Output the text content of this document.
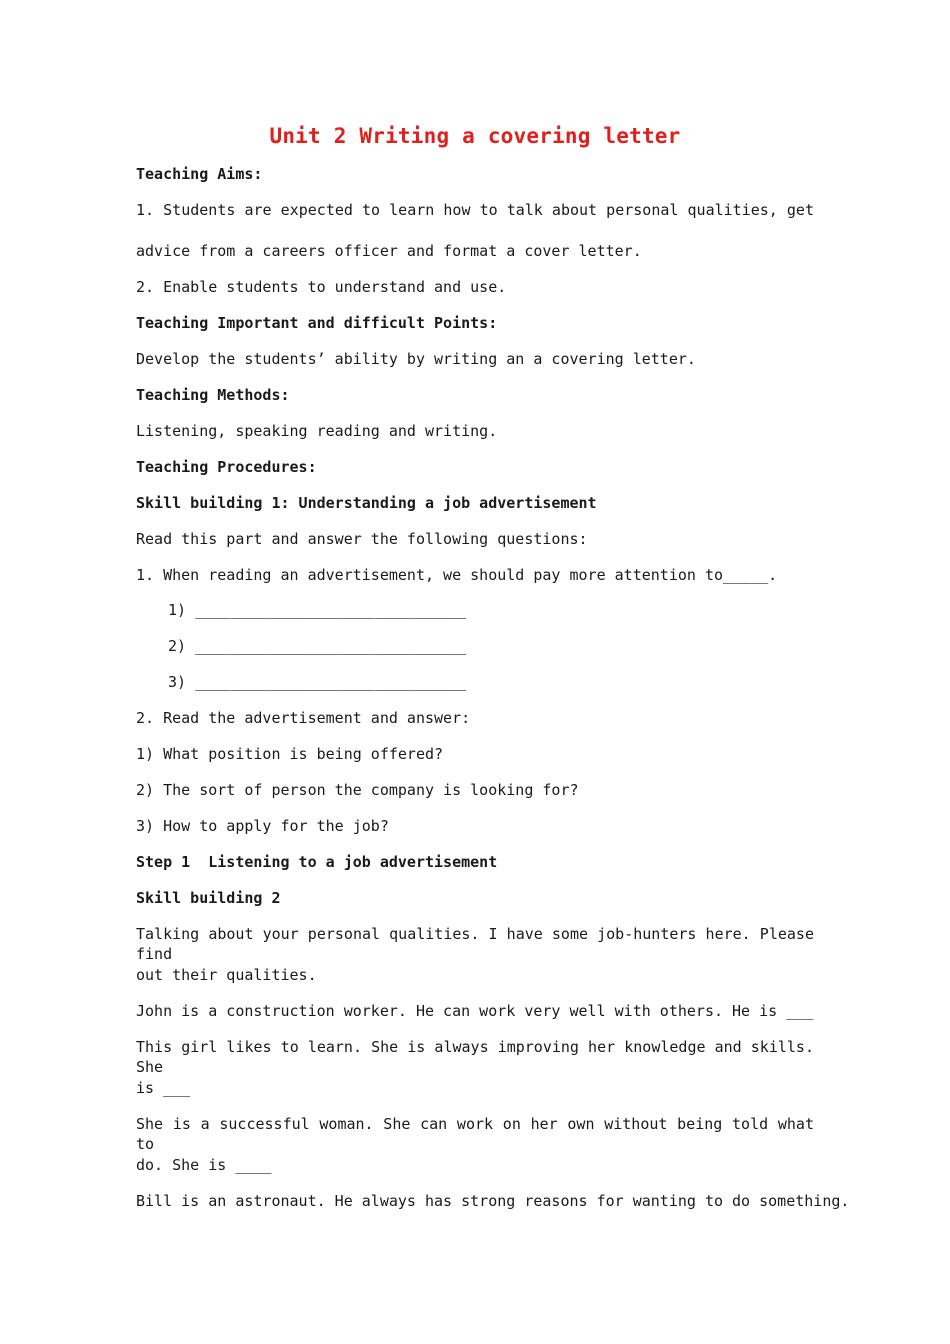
Unit 2 Writing a covering letter
Teaching Aims:
1. Students are expected to learn how to talk about personal qualities, get
advice from a careers officer and format a cover letter.
2. Enable students to understand and use.
Teaching Important and difficult Points:
Develop the students’ ability by writing an a covering letter.
Teaching Methods:
Listening, speaking reading and writing.
Teaching Procedures:
Skill building 1: Understanding a job advertisement
Read this part and answer the following questions:
1. When reading an advertisement, we should pay more attention to_____.
1) ______________________________
2) ______________________________
3) ______________________________
2. Read the advertisement and answer:
1) What position is being offered?
2) The sort of person the company is looking for?
3) How to apply for the job?
Step 1  Listening to a job advertisement
Skill building 2
Talking about your personal qualities. I have some job-hunters here. Please find
out their qualities.
John is a construction worker. He can work very well with others. He is ___
This girl likes to learn. She is always improving her knowledge and skills. She
is ___
She is a successful woman. She can work on her own without being told what to
do. She is ____
Bill is an astronaut. He always has strong reasons for wanting to do something.
